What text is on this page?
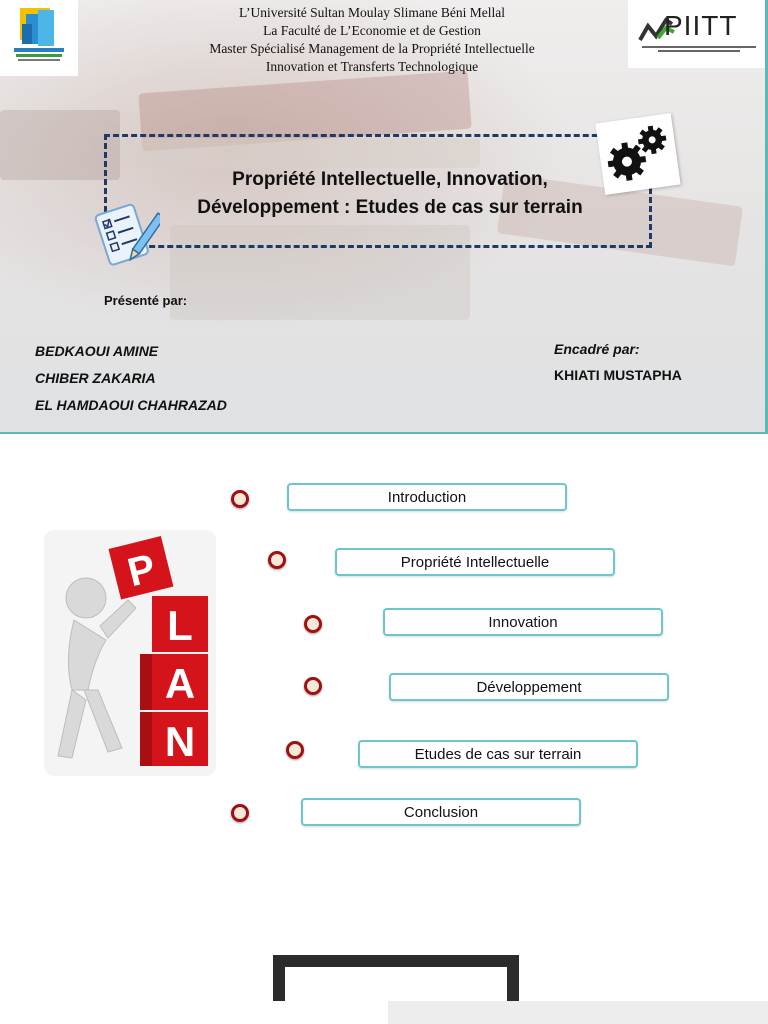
PIITT
L’Université Sultan Moulay Slimane Béni Mellal
La Faculté de L’Economie et de Gestion
Master Spécialisé Management de la Propriété Intellectuelle
Innovation et Transferts Technologique
Propriété Intellectuelle, Innovation,
Développement : Etudes de cas sur terrain
Présenté par:
BEDKAOUI AMINE
CHIBER ZAKARIA
EL HAMDAOUI CHAHRAZAD
Encadré par:
KHIATI MUSTAPHA
P
L
A
N
Introduction
Propriété Intellectuelle
Innovation
Développement
Etudes de cas sur terrain
Conclusion
